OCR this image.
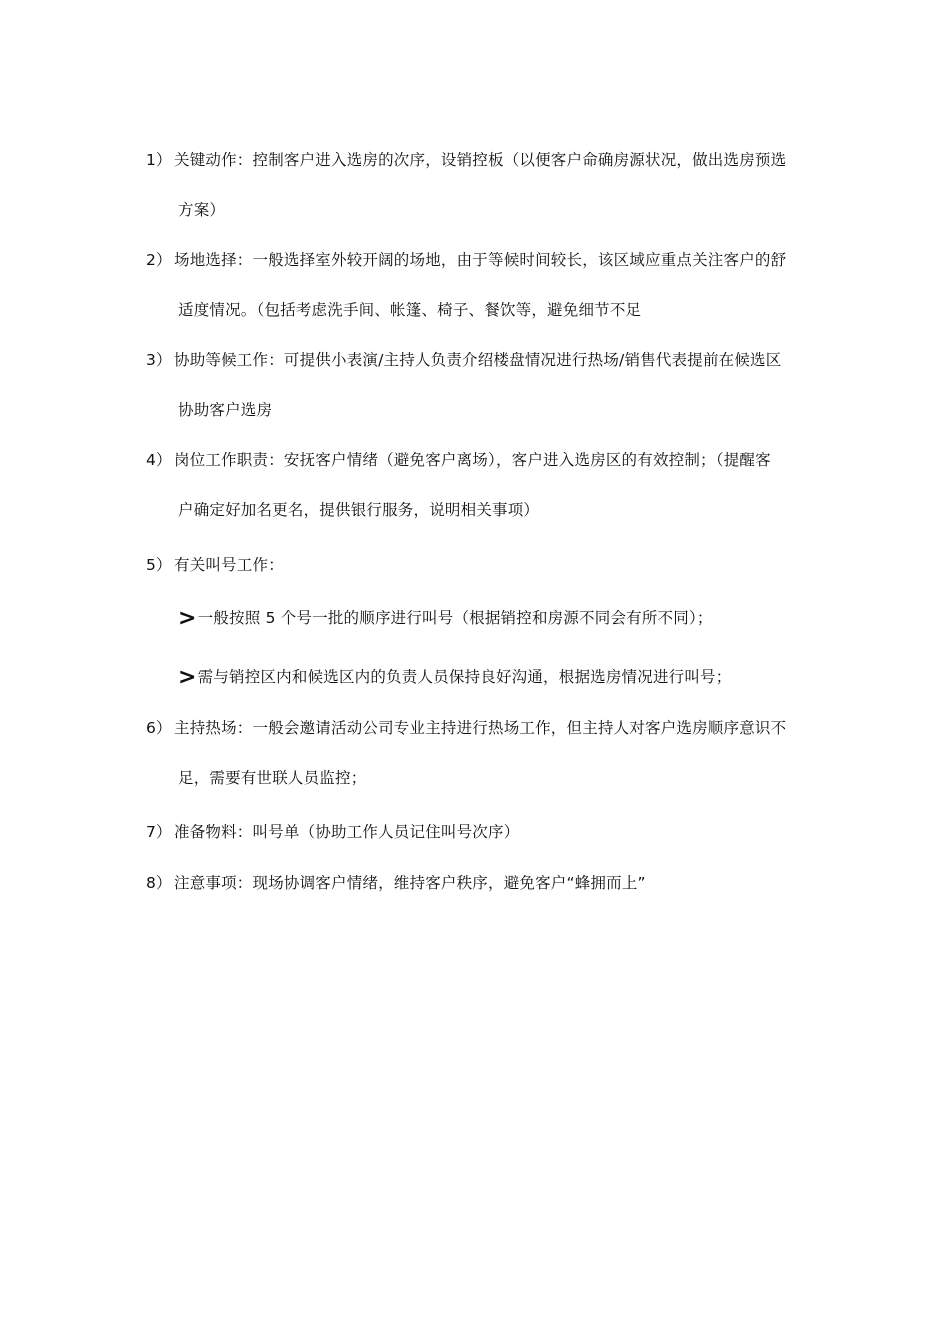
1） 关键动作：控制客户进入选房的次序，设销控板（以便客户命确房源状况，做出选房预选
方案）
2） 场地选择：一般选择室外较开阔的场地，由于等候时间较长，该区域应重点关注客户的舒
适度情况。（包括考虑洗手间、帐篷、椅子、餐饮等，避免细节不足
3） 协助等候工作：可提供小表演/主持人负责介绍楼盘情况进行热场/销售代表提前在候选区
协助客户选房
4） 岗位工作职责：安抚客户情绪（避免客户离场），客户进入选房区的有效控制；（提醒客
户确定好加名更名，提供银行服务，说明相关事项）
5） 有关叫号工作：
>一般按照 5 个号一批的顺序进行叫号（根据销控和房源不同会有所不同）；
>需与销控区内和候选区内的负责人员保持良好沟通，根据选房情况进行叫号；
6） 主持热场：一般会邀请活动公司专业主持进行热场工作，但主持人对客户选房顺序意识不
足，需要有世联人员监控；
7） 准备物料：叫号单（协助工作人员记住叫号次序）
8） 注意事项：现场协调客户情绪，维持客户秩序，避免客户“蜂拥而上”
